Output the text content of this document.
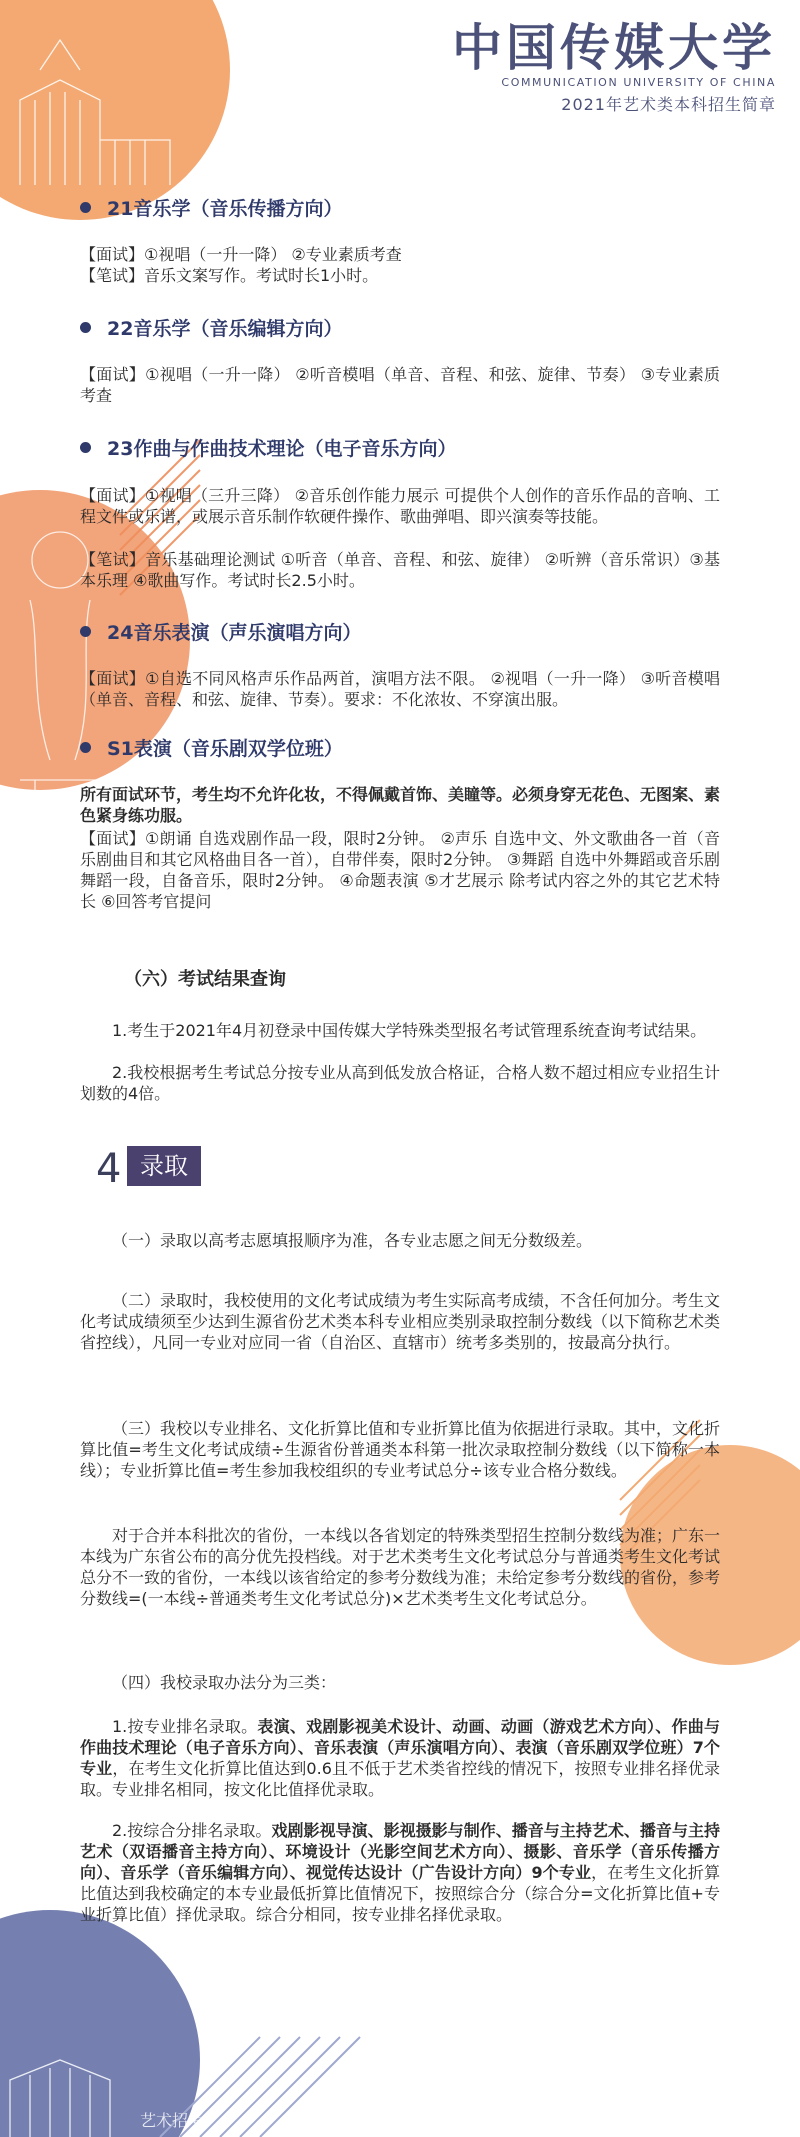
中国传媒大学
COMMUNICATION UNIVERSITY OF CHINA
2021年艺术类本科招生简章
21音乐学（音乐传播方向）
【面试】①视唱（一升一降） ②专业素质考查
【笔试】音乐文案写作。考试时长1小时。
22音乐学（音乐编辑方向）
【面试】①视唱（一升一降） ②听音模唱（单音、音程、和弦、旋律、节奏） ③专业素质考查
23作曲与作曲技术理论（电子音乐方向）
【面试】①视唱（三升三降） ②音乐创作能力展示 可提供个人创作的音乐作品的音响、工程文件或乐谱，或展示音乐制作软硬件操作、歌曲弹唱、即兴演奏等技能。
【笔试】音乐基础理论测试 ①听音（单音、音程、和弦、旋律） ②听辨（音乐常识）③基本乐理 ④歌曲写作。考试时长2.5小时。
24音乐表演（声乐演唱方向）
【面试】①自选不同风格声乐作品两首，演唱方法不限。 ②视唱（一升一降） ③听音模唱（单音、音程、和弦、旋律、节奏）。要求：不化浓妆、不穿演出服。
S1表演（音乐剧双学位班）
所有面试环节，考生均不允许化妆，不得佩戴首饰、美瞳等。必须身穿无花色、无图案、素色紧身练功服。
【面试】①朗诵 自选戏剧作品一段，限时2分钟。 ②声乐 自选中文、外文歌曲各一首（音乐剧曲目和其它风格曲目各一首），自带伴奏，限时2分钟。 ③舞蹈 自选中外舞蹈或音乐剧舞蹈一段，自备音乐，限时2分钟。 ④命题表演 ⑤才艺展示 除考试内容之外的其它艺术特长 ⑥回答考官提问
（六）考试结果查询
1.考生于2021年4月初登录中国传媒大学特殊类型报名考试管理系统查询考试结果。
2.我校根据考生考试总分按专业从高到低发放合格证，合格人数不超过相应专业招生计划数的4倍。
4 录取
（一）录取以高考志愿填报顺序为准，各专业志愿之间无分数级差。
（二）录取时，我校使用的文化考试成绩为考生实际高考成绩，不含任何加分。考生文化考试成绩须至少达到生源省份艺术类本科专业相应类别录取控制分数线（以下简称艺术类省控线），凡同一专业对应同一省（自治区、直辖市）统考多类别的，按最高分执行。
（三）我校以专业排名、文化折算比值和专业折算比值为依据进行录取。其中，文化折算比值=考生文化考试成绩÷生源省份普通类本科第一批次录取控制分数线（以下简称一本线）；专业折算比值=考生参加我校组织的专业考试总分÷该专业合格分数线。
对于合并本科批次的省份，一本线以各省划定的特殊类型招生控制分数线为准；广东一本线为广东省公布的高分优先投档线。对于艺术类考生文化考试总分与普通类考生文化考试总分不一致的省份，一本线以该省给定的参考分数线为准；未给定参考分数线的省份，参考分数线=(一本线÷普通类考生文化考试总分)×艺术类考生文化考试总分。
（四）我校录取办法分为三类：
1.按专业排名录取。表演、戏剧影视美术设计、动画、动画（游戏艺术方向）、作曲与作曲技术理论（电子音乐方向）、音乐表演（声乐演唱方向）、表演（音乐剧双学位班）7个专业，在考生文化折算比值达到0.6且不低于艺术类省控线的情况下，按照专业排名择优录取。专业排名相同，按文化比值择优录取。
2.按综合分排名录取。戏剧影视导演、影视摄影与制作、播音与主持艺术、播音与主持艺术（双语播音主持方向）、环境设计（光影空间艺术方向）、摄影、音乐学（音乐传播方向）、音乐学（音乐编辑方向）、视觉传达设计（广告设计方向）9个专业，在考生文化折算比值达到我校确定的本专业最低折算比值情况下，按照综合分（综合分=文化折算比值+专业折算比值）择优录取。综合分相同，按专业排名择优录取。
艺术招考
